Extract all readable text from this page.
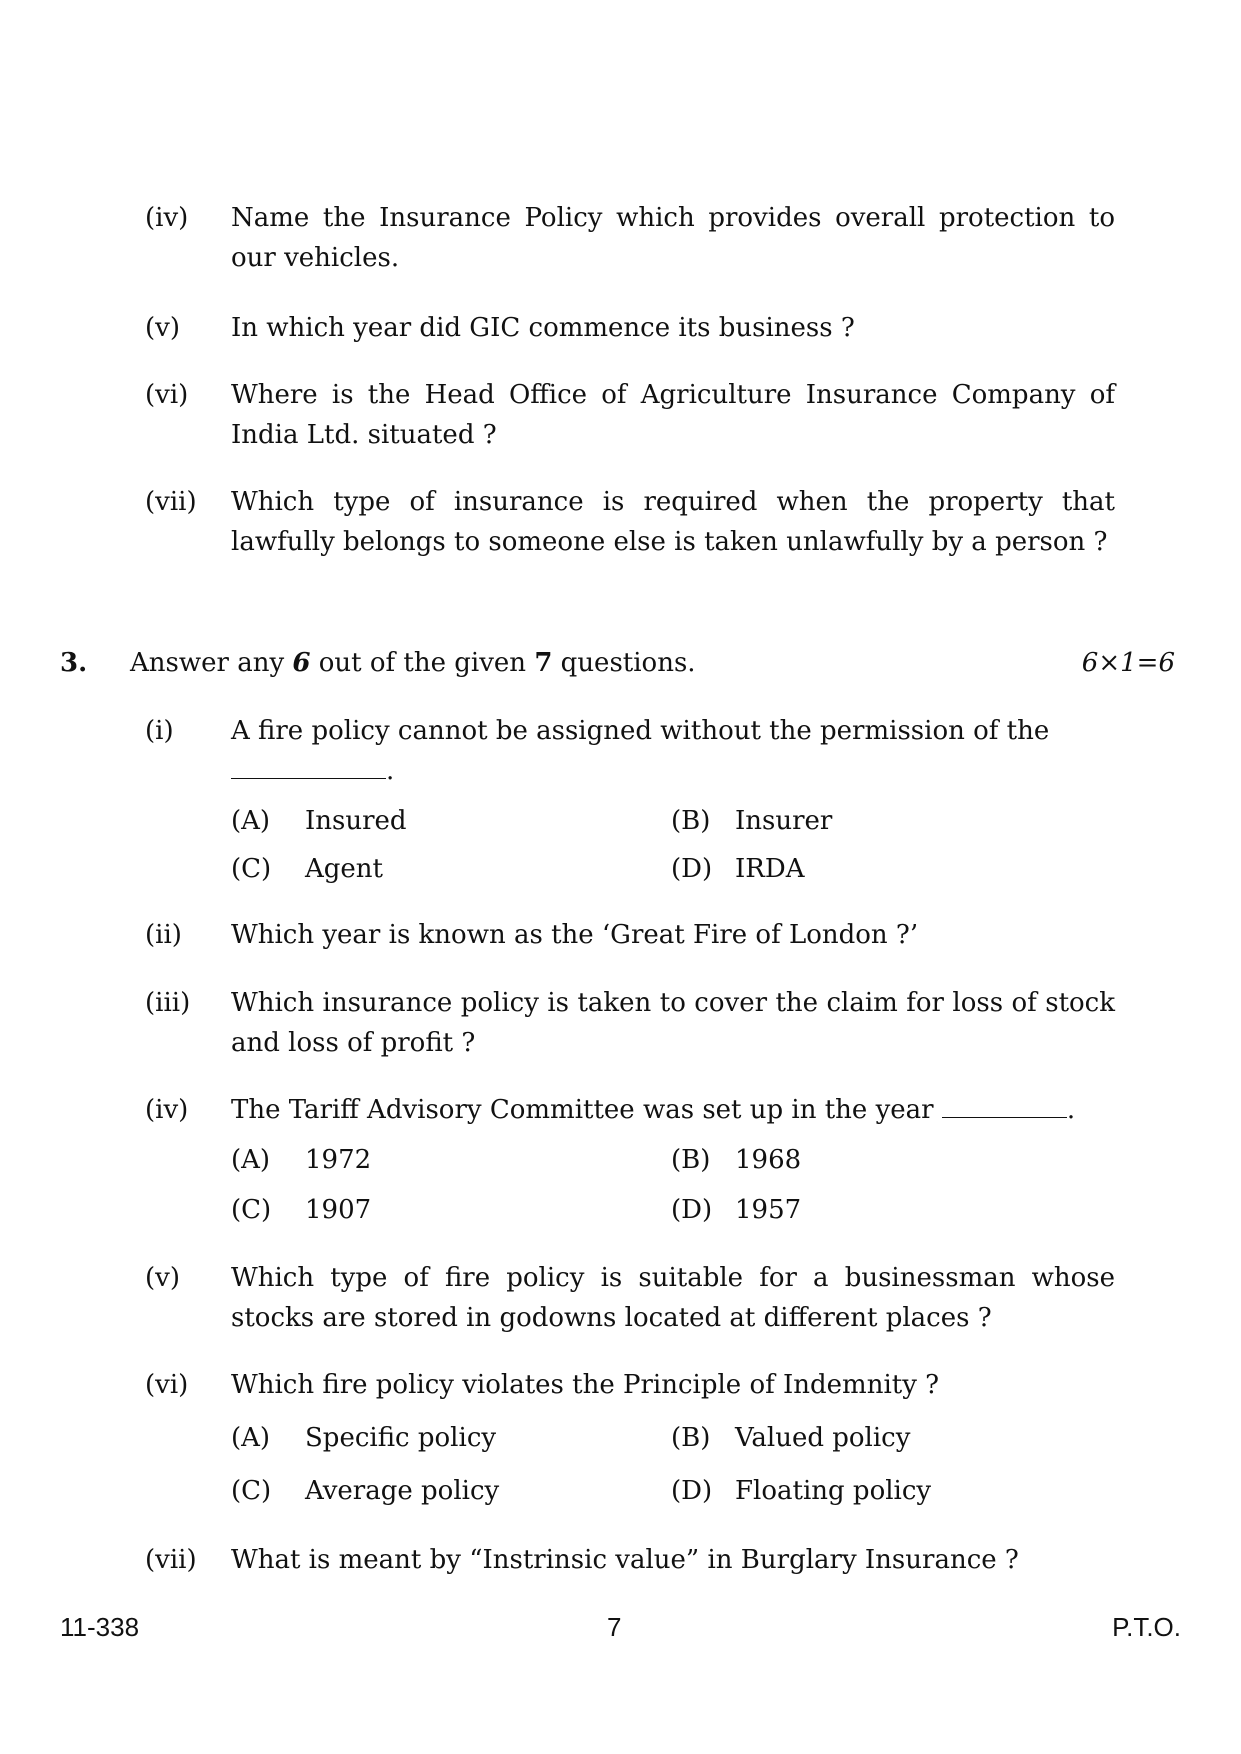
(iv) Name the Insurance Policy which provides overall protection to our vehicles.
(v) In which year did GIC commence its business ?
(vi) Where is the Head Office of Agriculture Insurance Company of India Ltd. situated ?
(vii) Which type of insurance is required when the property that lawfully belongs to someone else is taken unlawfully by a person ?
3. Answer any 6 out of the given 7 questions.	6×1=6
(i) A fire policy cannot be assigned without the permission of the
.
(A) Insured	(B) Insurer
(C) Agent	(D) IRDA
(ii) Which year is known as the ‘Great Fire of London ?’
(iii) Which insurance policy is taken to cover the claim for loss of stock and loss of profit ?
(iv) The Tariff Advisory Committee was set up in the year	.
(A) 1972	(B) 1968
(C) 1907	(D) 1957
(v) Which type of fire policy is suitable for a businessman whose stocks are stored in godowns located at different places ?
(vi) Which fire policy violates the Principle of Indemnity ?
(A) Specific policy	(B) Valued policy
(C) Average policy	(D) Floating policy
(vii) What is meant by “Instrinsic value” in Burglary Insurance ?
11-338	7	P.T.O.
